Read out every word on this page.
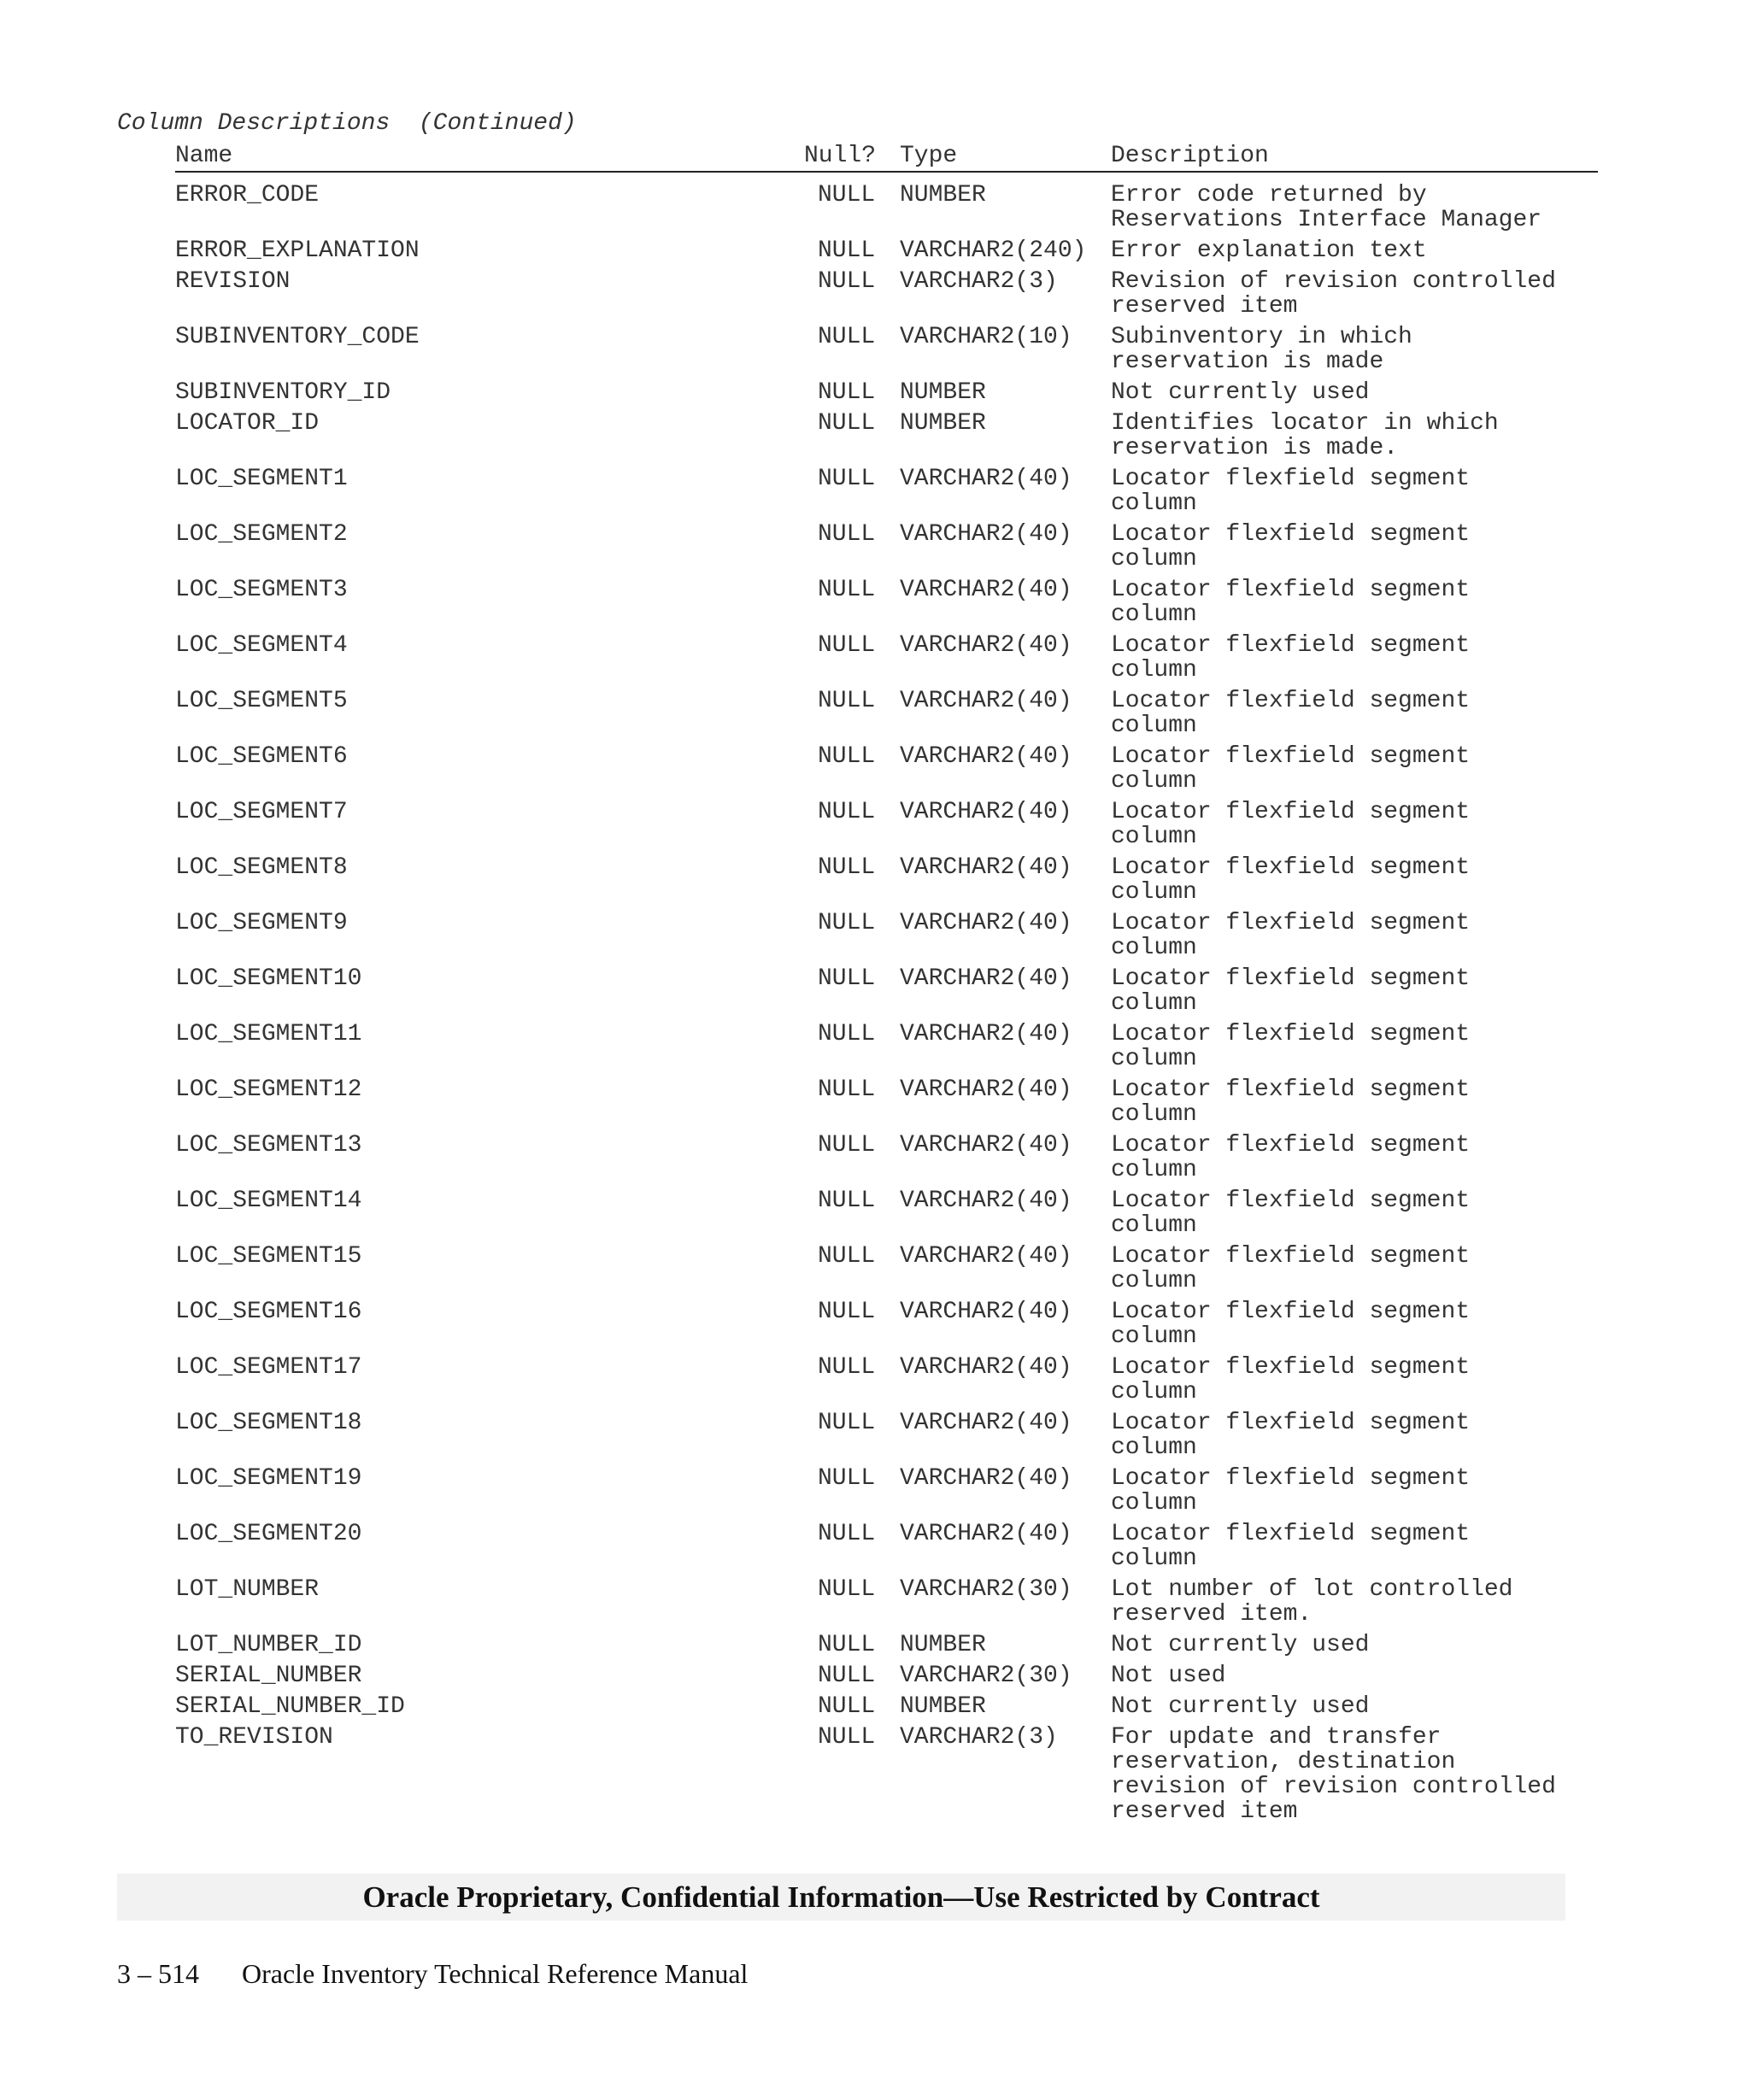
Column Descriptions  (Continued)
Name	Null? Type	Description
ERROR_CODE	NULL NUMBER	Error code returned by
Reservations Interface Manager
ERROR_EXPLANATION	NULL VARCHAR2(240) Error explanation text
REVISION	NULL VARCHAR2(3) Revision of revision controlled
reserved item
SUBINVENTORY_CODE	NULL VARCHAR2(10) Subinventory in which
reservation is made
SUBINVENTORY_ID	NULL NUMBER	Not currently used
LOCATOR_ID	NULL NUMBER	Identifies locator in which
reservation is made.
LOC_SEGMENT1	NULL VARCHAR2(40) Locator flexfield segment
column
LOC_SEGMENT2	NULL VARCHAR2(40) Locator flexfield segment
column
LOC_SEGMENT3	NULL VARCHAR2(40) Locator flexfield segment
column
LOC_SEGMENT4	NULL VARCHAR2(40) Locator flexfield segment
column
LOC_SEGMENT5	NULL VARCHAR2(40) Locator flexfield segment
column
LOC_SEGMENT6	NULL VARCHAR2(40) Locator flexfield segment
column
LOC_SEGMENT7	NULL VARCHAR2(40) Locator flexfield segment
column
LOC_SEGMENT8	NULL VARCHAR2(40) Locator flexfield segment
column
LOC_SEGMENT9	NULL VARCHAR2(40) Locator flexfield segment
column
LOC_SEGMENT10	NULL VARCHAR2(40) Locator flexfield segment
column
LOC_SEGMENT11	NULL VARCHAR2(40) Locator flexfield segment
column
LOC_SEGMENT12	NULL VARCHAR2(40) Locator flexfield segment
column
LOC_SEGMENT13	NULL VARCHAR2(40) Locator flexfield segment
column
LOC_SEGMENT14	NULL VARCHAR2(40) Locator flexfield segment
column
LOC_SEGMENT15	NULL VARCHAR2(40) Locator flexfield segment
column
LOC_SEGMENT16	NULL VARCHAR2(40) Locator flexfield segment
column
LOC_SEGMENT17	NULL VARCHAR2(40) Locator flexfield segment
column
LOC_SEGMENT18	NULL VARCHAR2(40) Locator flexfield segment
column
LOC_SEGMENT19	NULL VARCHAR2(40) Locator flexfield segment
column
LOC_SEGMENT20	NULL VARCHAR2(40) Locator flexfield segment
column
LOT_NUMBER	NULL VARCHAR2(30) Lot number of lot controlled
reserved item.
LOT_NUMBER_ID	NULL NUMBER	Not currently used
SERIAL_NUMBER	NULL VARCHAR2(30) Not used
SERIAL_NUMBER_ID	NULL NUMBER	Not currently used
TO_REVISION	NULL VARCHAR2(3) For update and transfer
reservation, destination
revision of revision controlled
reserved item
Oracle Proprietary, Confidential Information––Use Restricted by Contract
3 – 514 Oracle Inventory Technical Reference Manual
